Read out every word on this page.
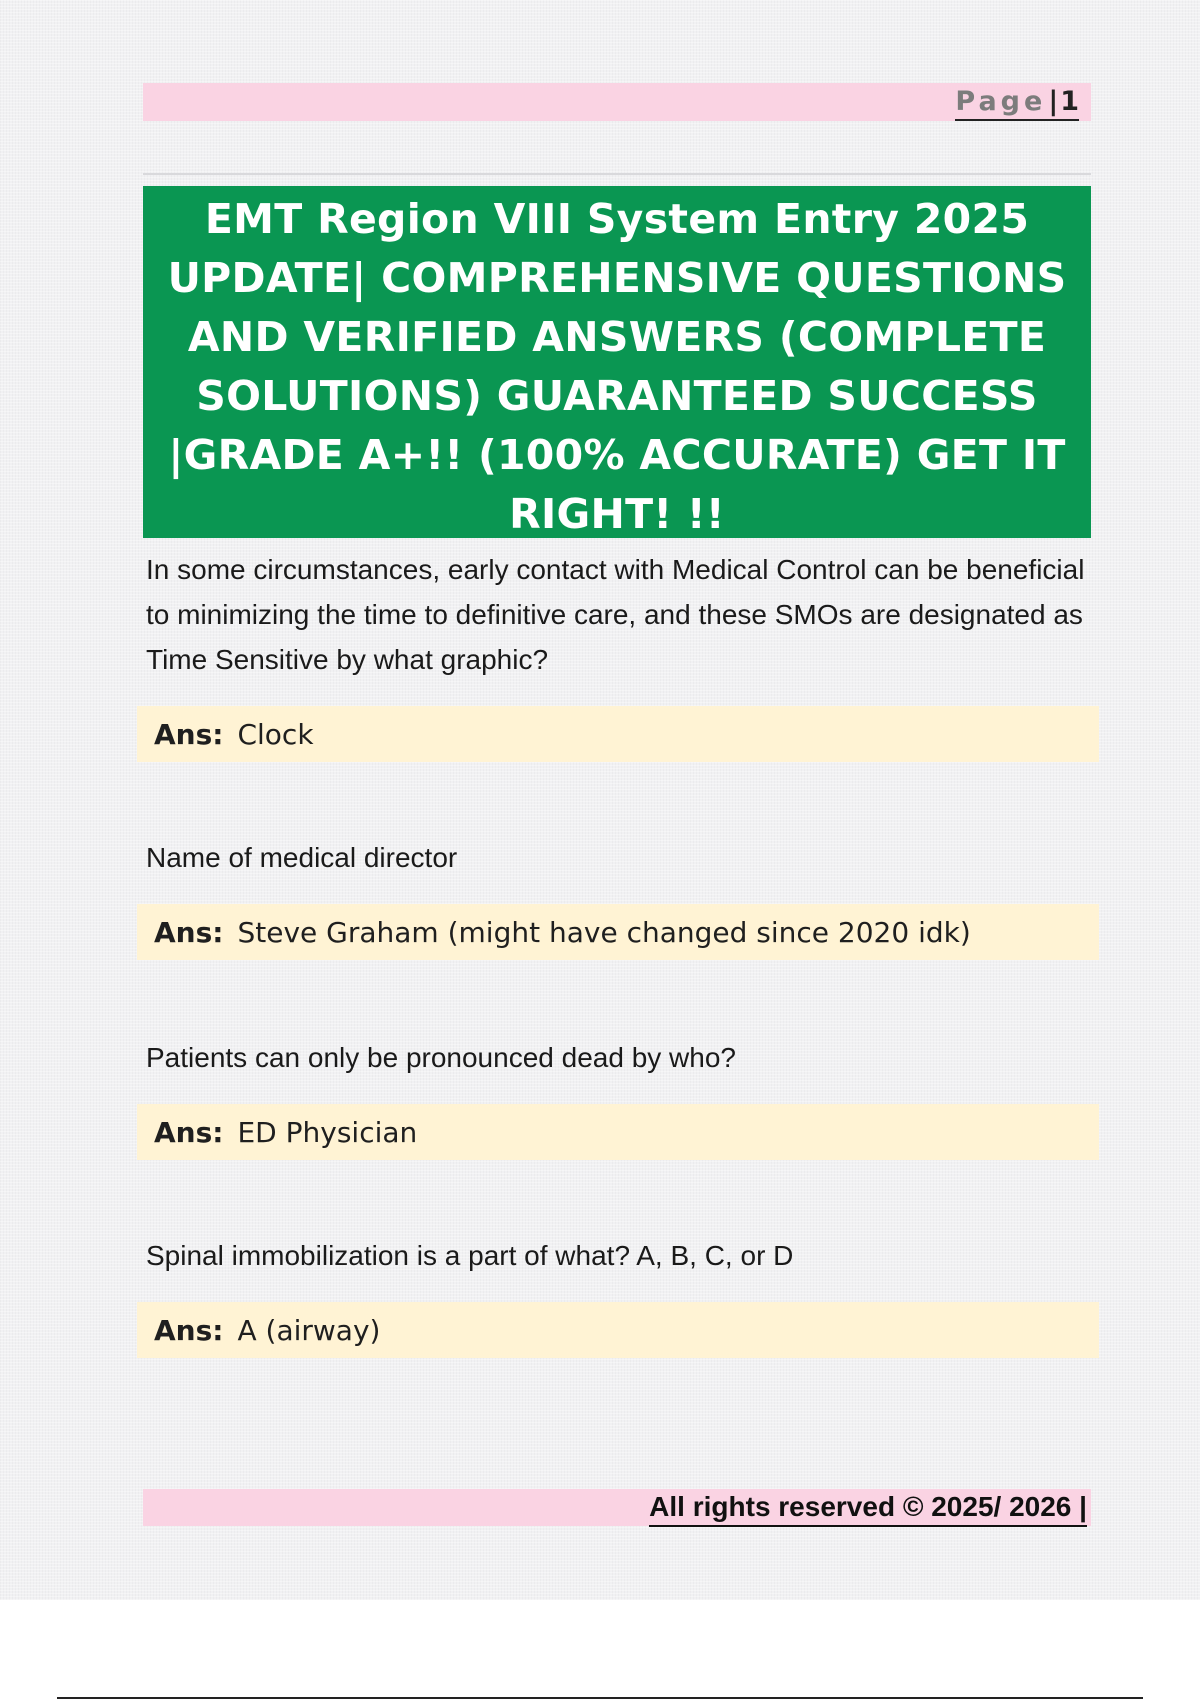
Page|1
EMT Region VIII System Entry 2025 UPDATE| COMPREHENSIVE QUESTIONS AND VERIFIED ANSWERS (COMPLETE SOLUTIONS) GUARANTEED SUCCESS |GRADE A+!! (100% ACCURATE) GET IT RIGHT! !!

In some circumstances, early contact with Medical Control can be beneficial to minimizing the time to definitive care, and these SMOs are designated as Time Sensitive by what graphic?

Ans: Clock

Name of medical director

Ans: Steve Graham (might have changed since 2020 idk)

Patients can only be pronounced dead by who?

Ans: ED Physician

Spinal immobilization is a part of what? A, B, C, or D

Ans: A (airway)
All rights reserved © 2025/ 2026 |
